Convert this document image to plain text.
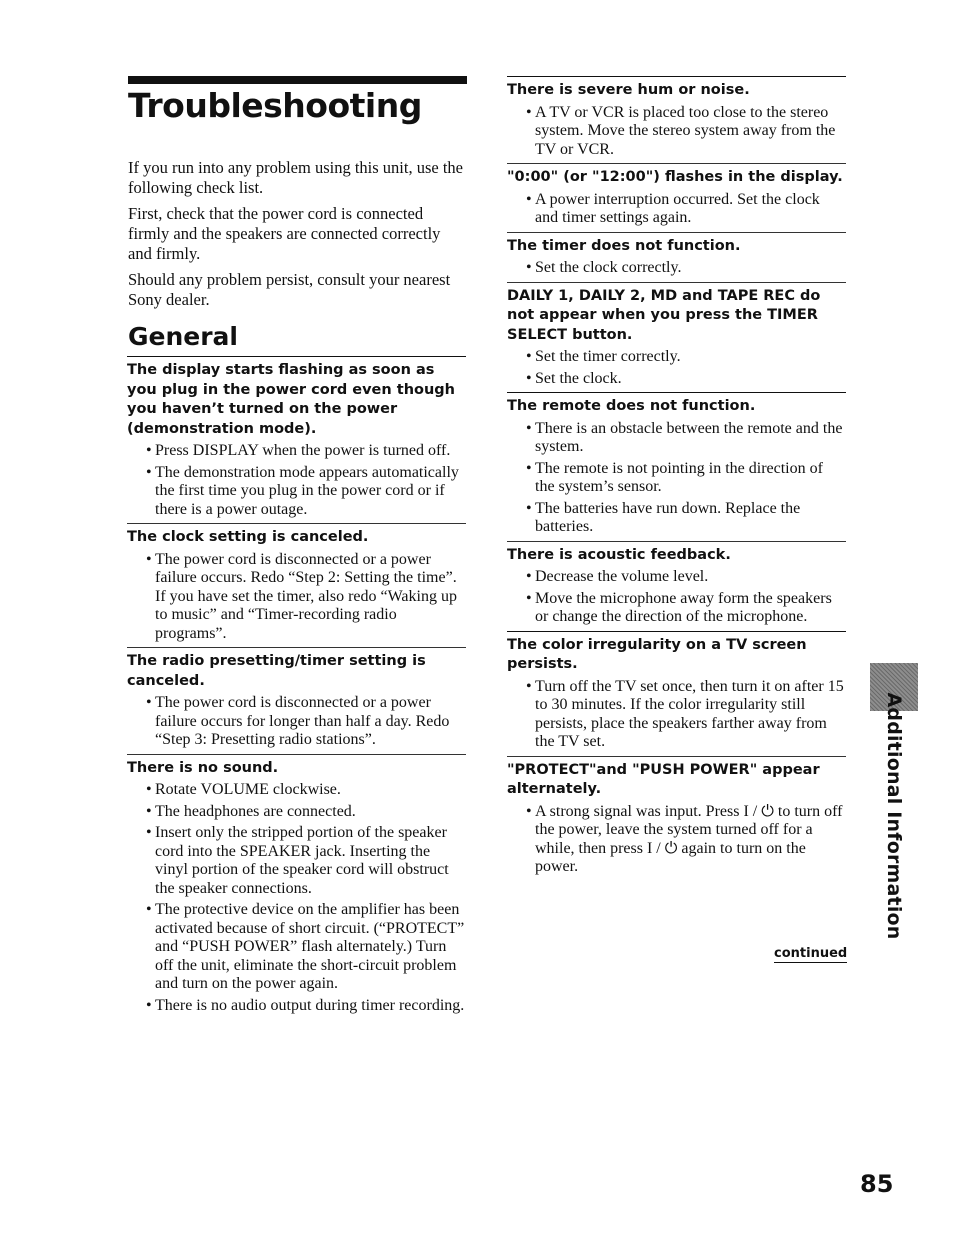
Troubleshooting

If you run into any problem using this unit, use the following check list.

First, check that the power cord is connected firmly and the speakers are connected correctly and firmly.

Should any problem persist, consult your nearest Sony dealer.

General

The display starts flashing as soon as you plug in the power cord even though you haven’t turned on the power (demonstration mode).

• Press DISPLAY when the power is turned off.
• The demonstration mode appears automatically the first time you plug in the power cord or if there is a power outage.

The clock setting is canceled.

• The power cord is disconnected or a power failure occurs. Redo “Step 2: Setting the time”. If you have set the timer, also redo “Waking up to music” and “Timer-recording radio programs”.

The radio presetting/timer setting is canceled.

• The power cord is disconnected or a power failure occurs for longer than half a day. Redo “Step 3: Presetting radio stations”.

There is no sound.

• Rotate VOLUME clockwise.
• The headphones are connected.
• Insert only the stripped portion of the speaker cord into the SPEAKER jack. Inserting the vinyl portion of the speaker cord will obstruct the speaker connections.
• The protective device on the amplifier has been activated because of short circuit. (“PROTECT” and “PUSH POWER” flash alternately.) Turn off the unit, eliminate the short-circuit problem and turn on the power again.
• There is no audio output during timer recording.

There is severe hum or noise.

• A TV or VCR is placed too close to the stereo system. Move the stereo system away from the TV or VCR.

"0:00" (or "12:00") flashes in the display.

• A power interruption occurred. Set the clock and timer settings again.

The timer does not function.

• Set the clock correctly.

DAILY 1, DAILY 2, MD and TAPE REC do not appear when you press the TIMER SELECT button.

• Set the timer correctly.
• Set the clock.

The remote does not function.

• There is an obstacle between the remote and the system.
• The remote is not pointing in the direction of the system’s sensor.
• The batteries have run down. Replace the batteries.

There is acoustic feedback.

• Decrease the volume level.
• Move the microphone away form the speakers or change the direction of the microphone.

The color irregularity on a TV screen persists.

• Turn off the TV set once, then turn it on after 15 to 30 minutes. If the color irregularity still persists, place the speakers farther away from the TV set.

"PROTECT"and "PUSH POWER" appear alternately.

• A strong signal was input. Press I / ⏻ to turn off the power, leave the system turned off for a while, then press I / ⏻ again to turn on the power.
continued
Additional Information
85
